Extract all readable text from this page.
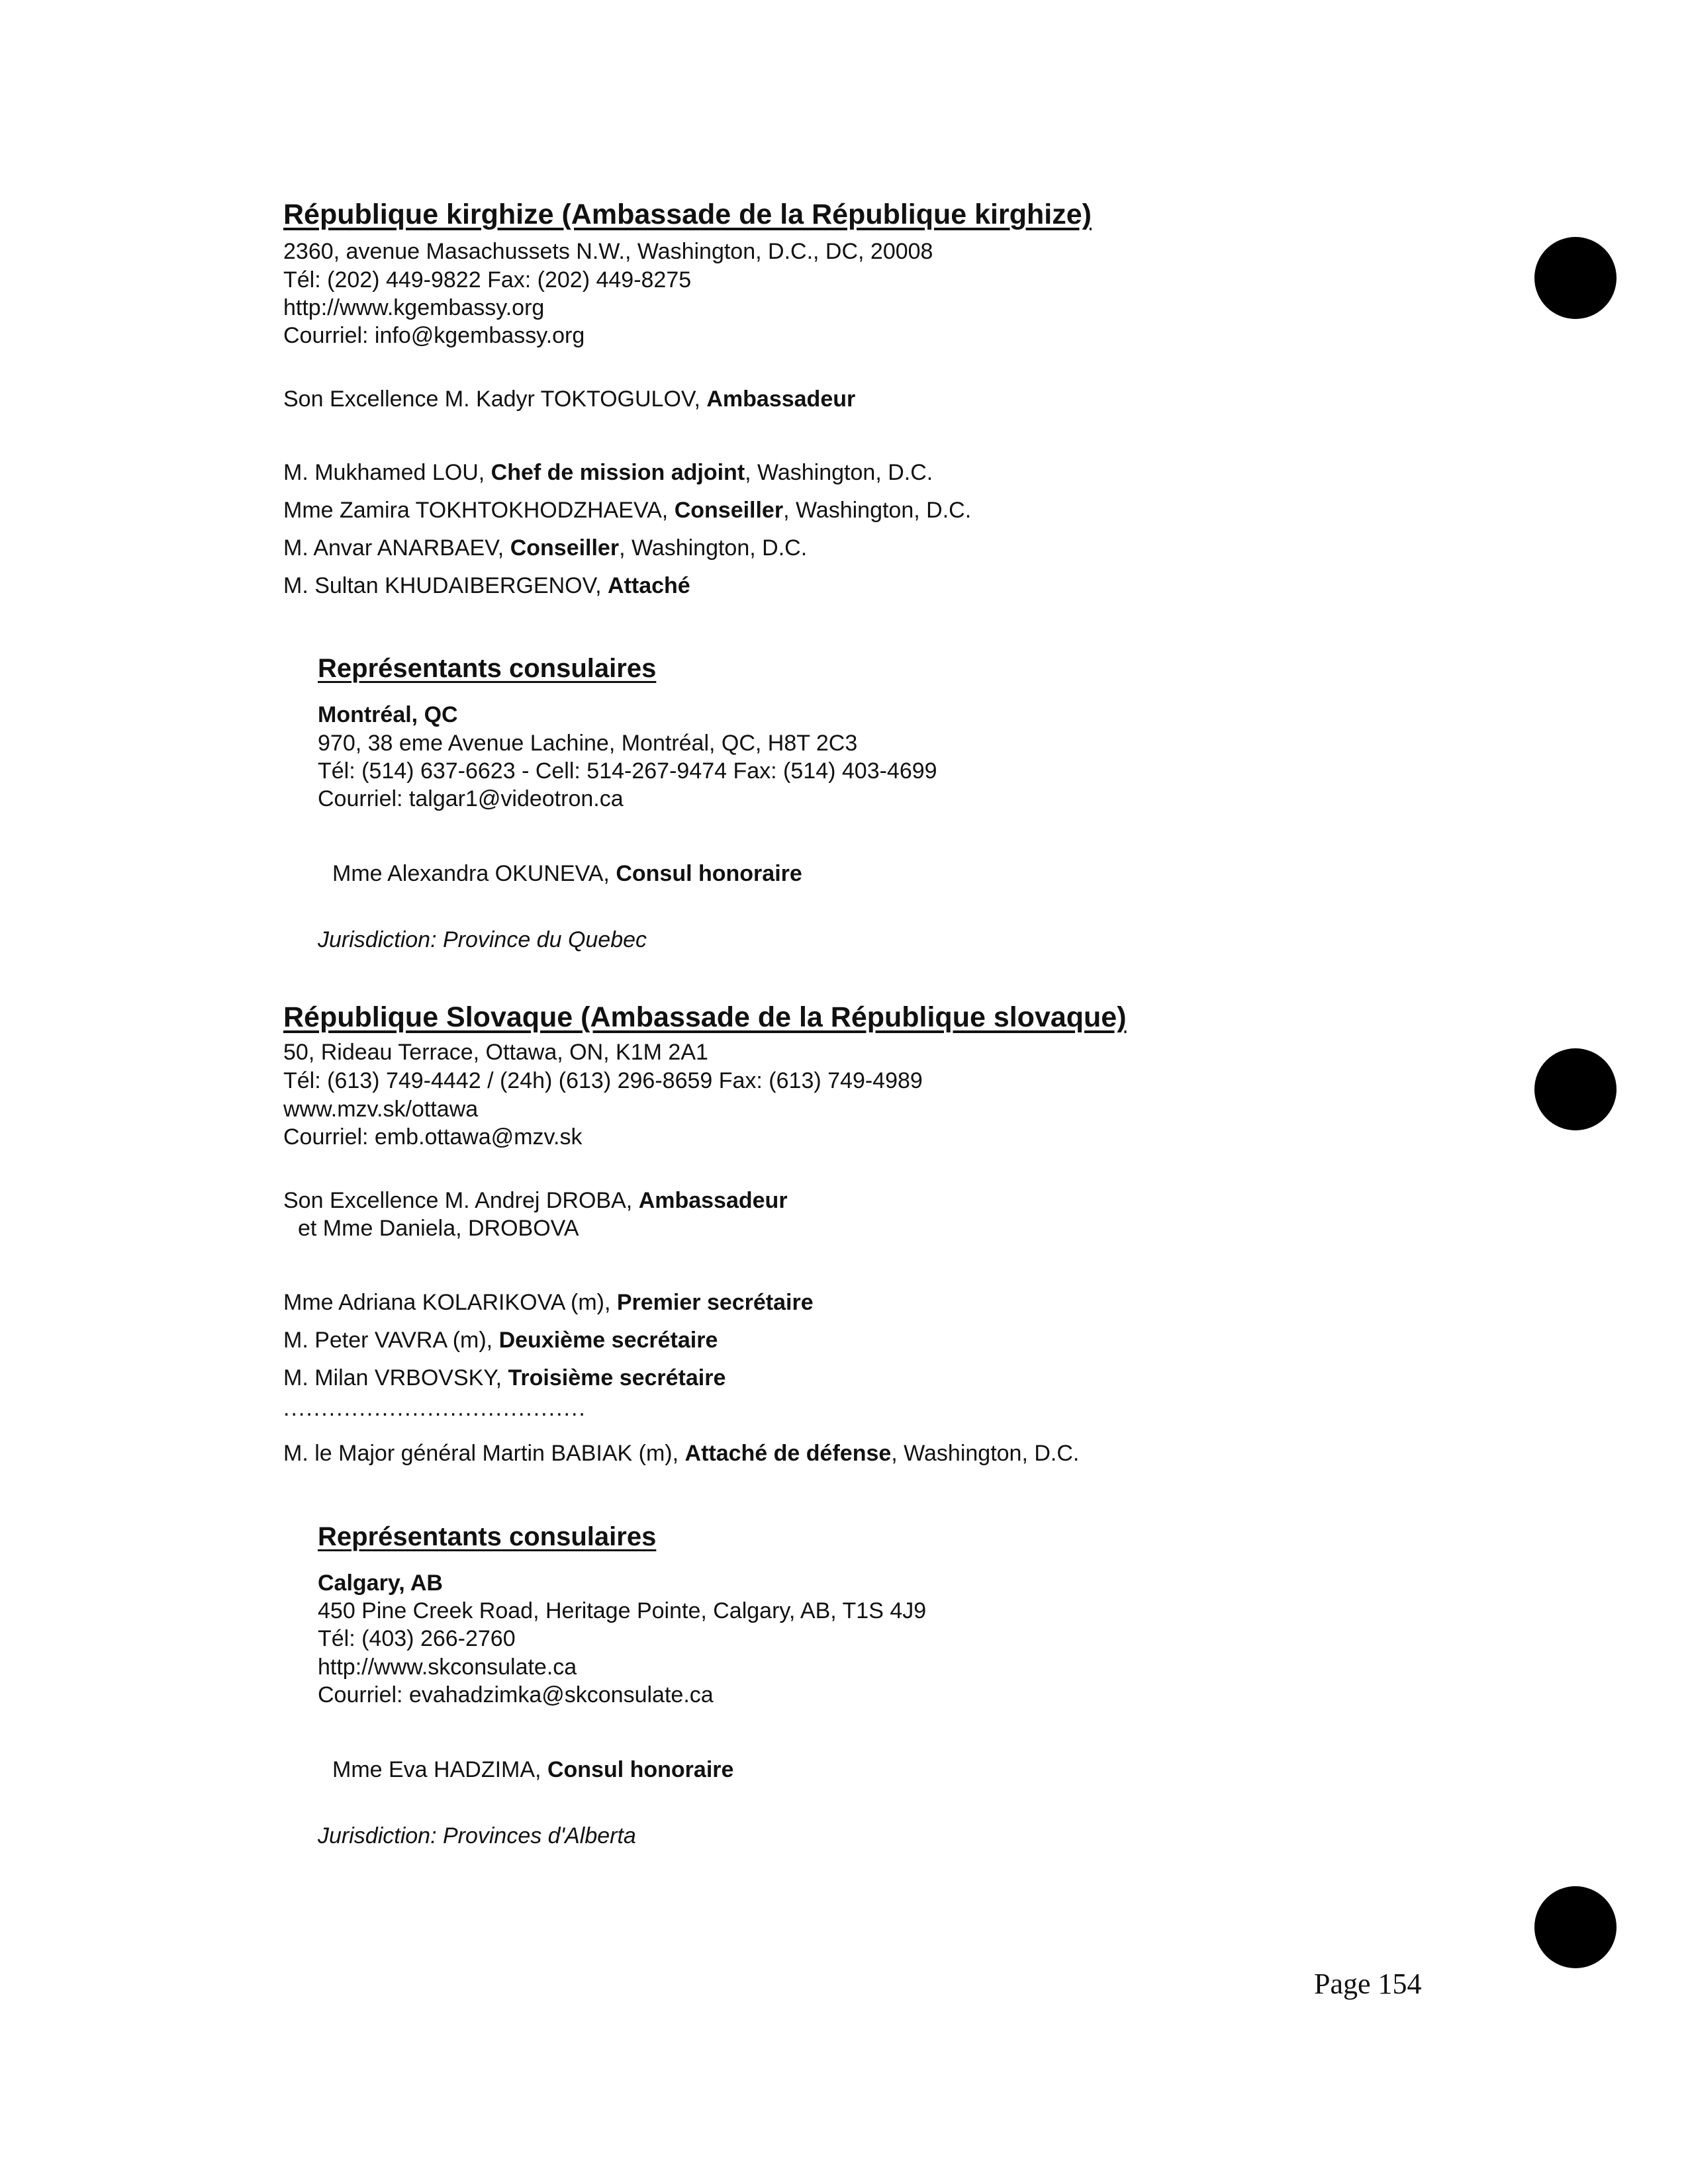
République kirghize (Ambassade de la République kirghize)
2360, avenue Masachussets N.W., Washington, D.C., DC, 20008
Tél: (202) 449-9822 Fax: (202) 449-8275
http://www.kgembassy.org
Courriel: info@kgembassy.org
Son Excellence M. Kadyr TOKTOGULOV, Ambassadeur
M. Mukhamed LOU, Chef de mission adjoint, Washington, D.C.
Mme Zamira TOKHTOKHODZHAEVA, Conseiller, Washington, D.C.
M. Anvar ANARBAEV, Conseiller, Washington, D.C.
M. Sultan KHUDAIBERGENOV, Attaché
Représentants consulaires
Montréal, QC
970, 38 eme Avenue Lachine, Montréal, QC, H8T 2C3
Tél: (514) 637-6623 - Cell: 514-267-9474 Fax: (514) 403-4699
Courriel: talgar1@videotron.ca
Mme Alexandra OKUNEVA, Consul honoraire
Jurisdiction: Province du Quebec
République Slovaque (Ambassade de la République slovaque)
50, Rideau Terrace, Ottawa, ON, K1M 2A1
Tél: (613) 749-4442 / (24h) (613) 296-8659 Fax: (613) 749-4989
www.mzv.sk/ottawa
Courriel: emb.ottawa@mzv.sk
Son Excellence M. Andrej DROBA, Ambassadeur
et Mme Daniela, DROBOVA
Mme Adriana KOLARIKOVA (m), Premier secrétaire
M. Peter VAVRA (m), Deuxième secrétaire
M. Milan VRBOVSKY, Troisième secrétaire
........................................
M. le Major général Martin BABIAK (m), Attaché de défense, Washington, D.C.
Représentants consulaires
Calgary, AB
450 Pine Creek Road, Heritage Pointe, Calgary, AB, T1S 4J9
Tél: (403) 266-2760
http://www.skconsulate.ca
Courriel: evahadzimka@skconsulate.ca
Mme Eva HADZIMA, Consul honoraire
Jurisdiction: Provinces d'Alberta
Page 154
